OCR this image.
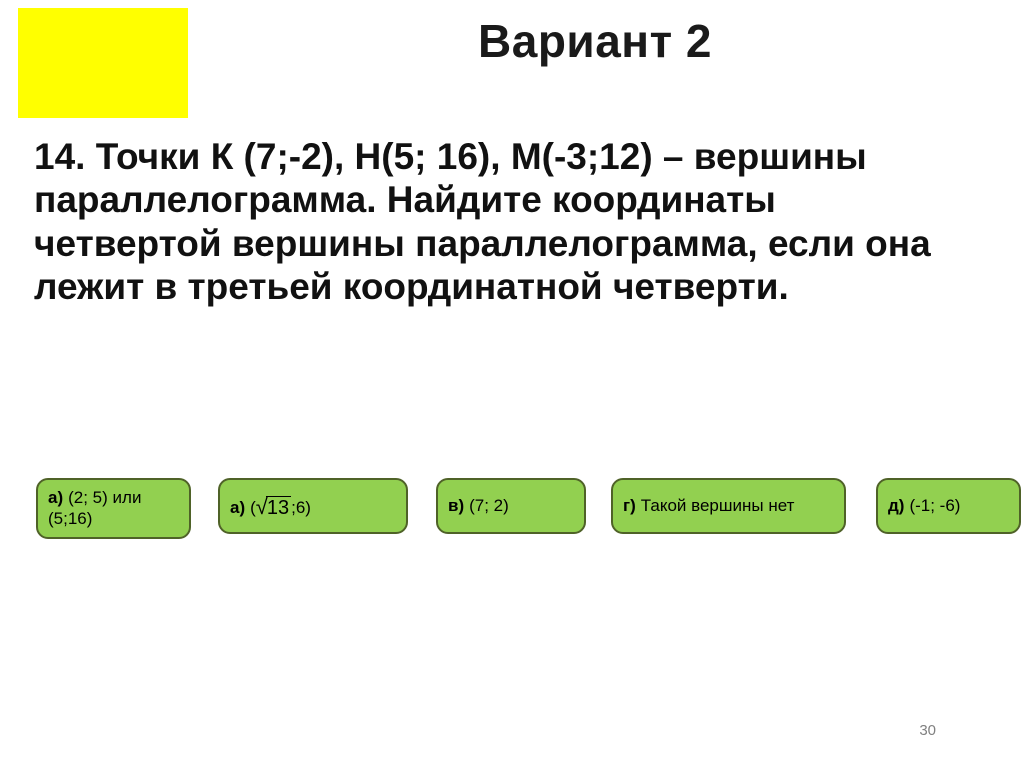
Вариант 2
14. Точки К (7;-2), Н(5; 16), М(-3;12) – вершины параллелограмма. Найдите координаты четвертой вершины параллелограмма, если она лежит в третьей координатной четверти.
а) (2; 5) или (5;16)
а) (√13 ;6)	в) (7; 2)	г) Такой вершины нет	д) (-1; -6)
30
